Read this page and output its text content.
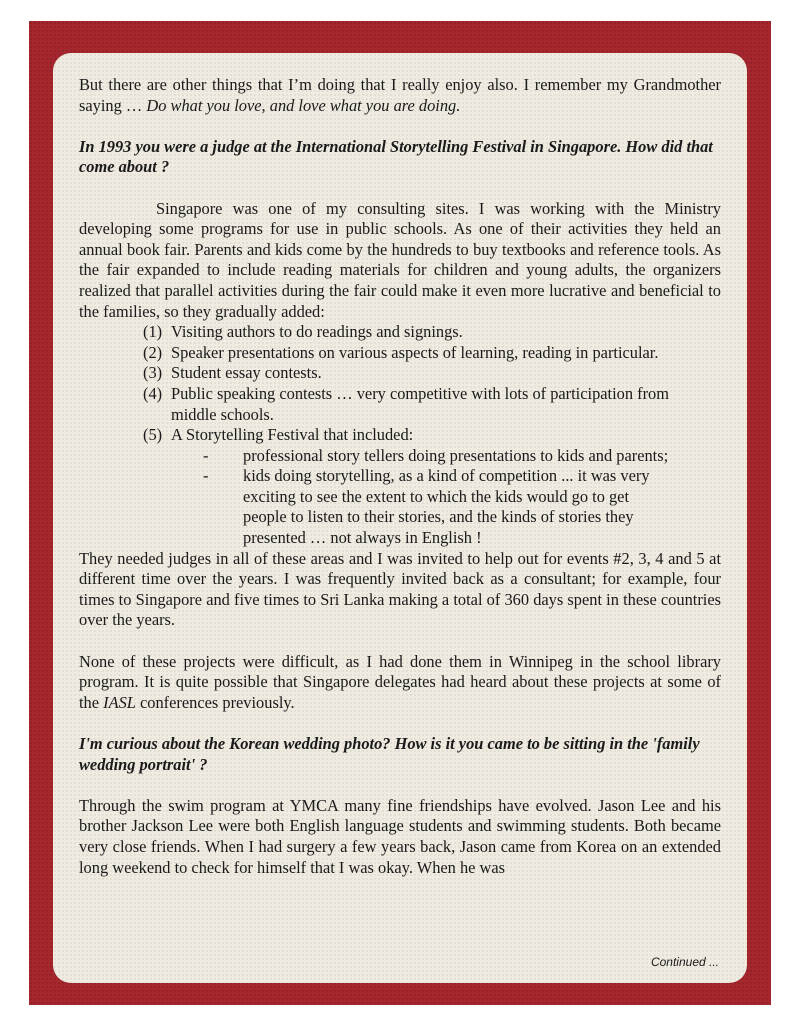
But there are other things that I’m doing that I really enjoy also. I remember my Grandmother saying … Do what you love, and love what you are doing.

In 1993 you were a judge at the International Storytelling Festival in Singapore. How did that come about ?

Singapore was one of my consulting sites. I was working with the Ministry developing some programs for use in public schools. As one of their activities they held an annual book fair. Parents and kids come by the hundreds to buy textbooks and reference tools. As the fair expanded to include reading materials for children and young adults, the organizers realized that parallel activities during the fair could make it even more lucrative and beneficial to the families, so they gradually added:

(1) Visiting authors to do readings and signings.
(2) Speaker presentations on various aspects of learning, reading in particular.
(3) Student essay contests.
(4) Public speaking contests … very competitive with lots of participation from middle schools.
(5) A Storytelling Festival that included:
-	professional story tellers doing presentations to kids and parents;
-	kids doing storytelling, as a kind of competition ... it was very exciting to see the extent to which the kids would go to get people to listen to their stories, and the kinds of stories they presented … not always in English !

They needed judges in all of these areas and I was invited to help out for events #2, 3, 4 and 5 at different time over the years. I was frequently invited back as a consultant; for example, four times to Singapore and five times to Sri Lanka making a total of 360 days spent in these countries over the years.

None of these projects were difficult, as I had done them in Winnipeg in the school library program. It is quite possible that Singapore delegates had heard about these projects at some of the IASL conferences previously.

I'm curious about the Korean wedding photo? How is it you came to be sitting in the 'family wedding portrait' ?

Through the swim program at YMCA many fine friendships have evolved. Jason Lee and his brother Jackson Lee were both English language students and swimming students. Both became very close friends. When I had surgery a few years back, Jason came from Korea on an extended long weekend to check for himself that I was okay. When he was

Continued ...
